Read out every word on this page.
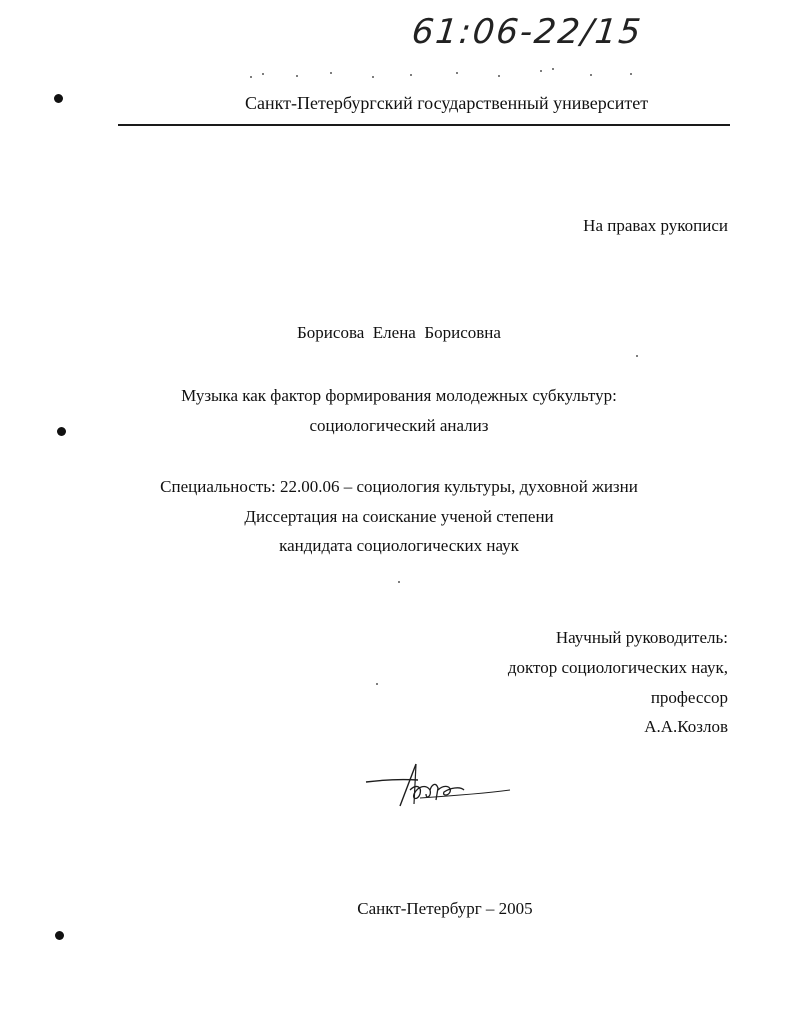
61:06-22/15
Санкт-Петербургский государственный университет
На правах рукописи
Борисова  Елена  Борисовна
Музыка как фактор формирования молодежных субкультур:
социологический анализ
Специальность: 22.00.06 – социология культуры, духовной жизни
Диссертация на соискание ученой степени
кандидата социологических наук
Научный руководитель:
доктор социологических наук,
профессор
А.А.Козлов
Санкт-Петербург – 2005
